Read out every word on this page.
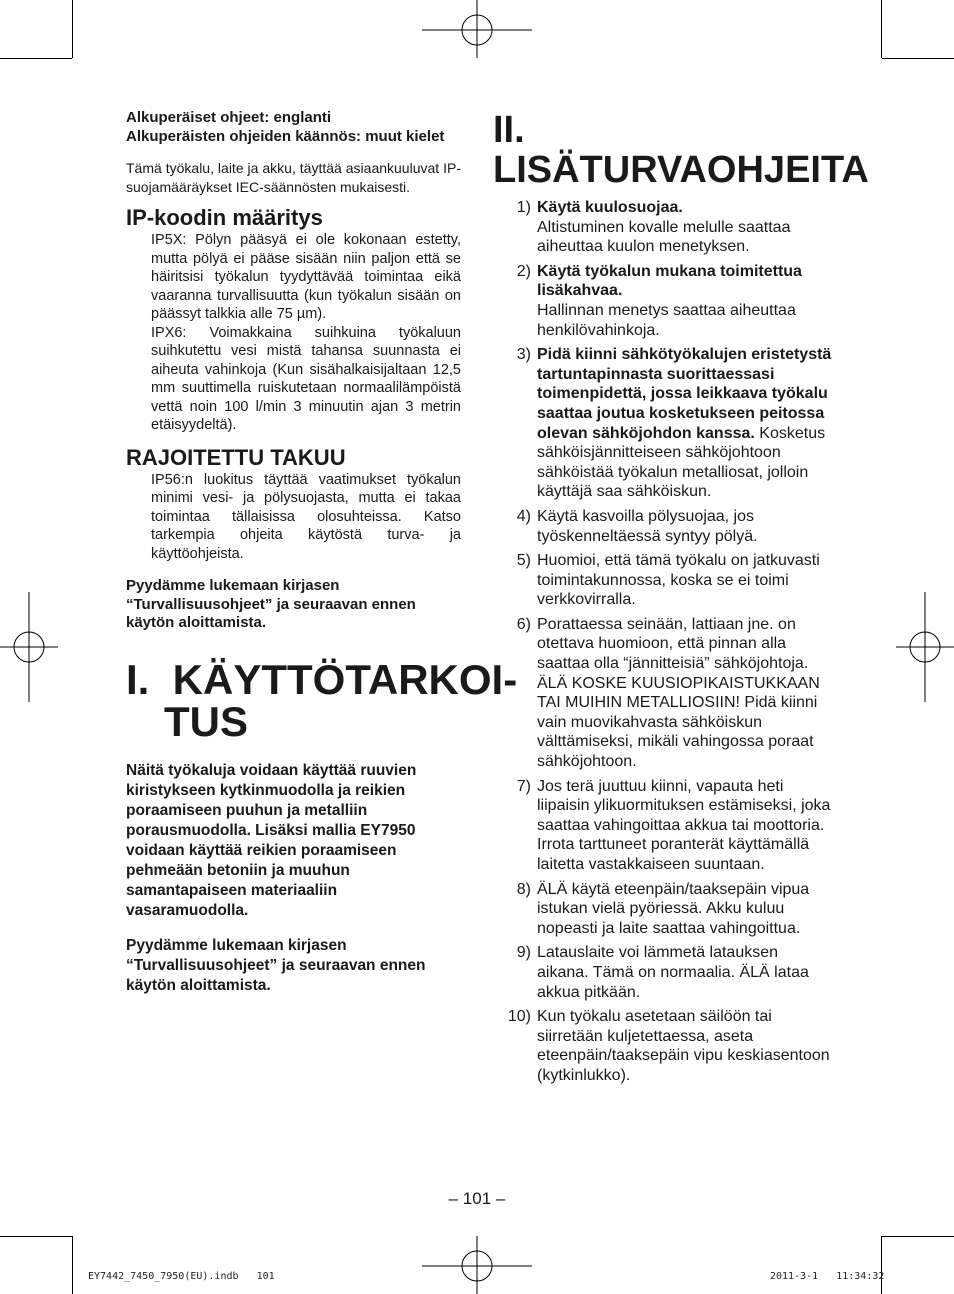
Alkuperäiset ohjeet: englanti

Alkuperäisten ohjeiden käännös: muut kielet

Tämä työkalu, laite ja akku, täyttää asiaankuuluvat IP-suojamääräykset IEC-säännösten mukaisesti.

IP-koodin määritys

IP5X: Pölyn pääsyä ei ole kokonaan estetty, mutta pölyä ei pääse sisään niin paljon että se häiritsisi työkalun tyydyttävää toimintaa eikä vaaranna turvallisuutta (kun työkalun sisään on päässyt talkkia alle 75 µm).

IPX6: Voimakkaina suihkuina työkaluun suihkutettu vesi mistä tahansa suunnasta ei aiheuta vahinkoja (Kun sisähalkaisijaltaan 12,5 mm suuttimella ruiskutetaan normaalilämpöistä vettä noin 100 l/min 3 minuutin ajan 3 metrin etäisyydeltä).

RAJOITETTU TAKUU

IP56:n luokitus täyttää vaatimukset työkalun minimi vesi- ja pölysuojasta, mutta ei takaa toimintaa tällaisissa olosuhteissa. Katso tarkempia ohjeita käytöstä turva- ja käyttöohjeista.

Pyydämme lukemaan kirjasen “Turvallisuusohjeet” ja seuraavan ennen käytön aloittamista.

I.  KÄYTTÖTARKOI-
TUS

Näitä työkaluja voidaan käyttää ruuvien kiristykseen kytkinmuodolla ja reikien poraamiseen puuhun ja metalliin porausmuodolla. Lisäksi mallia EY7950 voidaan käyttää reikien poraamiseen pehmeään betoniin ja muuhun samantapaiseen materiaaliin vasaramuodolla.

Pyydämme lukemaan kirjasen “Turvallisuusohjeet” ja seuraavan ennen käytön aloittamista.

II. LISÄTURVAOHJEITA
1) Käytä kuulosuojaa.
Altistuminen kovalle melulle saattaa aiheuttaa kuulon menetyksen.
2) Käytä työkalun mukana toimitettua lisäkahvaa.
Hallinnan menetys saattaa aiheuttaa henkilövahinkoja.
3) Pidä kiinni sähkötyökalujen eristetystä tartuntapinnasta suorittaessasi toimenpidettä, jossa leikkaava työkalu saattaa joutua kosketukseen peitossa olevan sähköjohdon kanssa. Kosketus sähköisjännitteiseen sähköjohtoon sähköistää työkalun metalliosat, jolloin käyttäjä saa sähköiskun.
4) Käytä kasvoilla pölysuojaa, jos työskenneltäessä syntyy pölyä.
5) Huomioi, että tämä työkalu on jatkuvasti toimintakunnossa, koska se ei toimi verkkovirralla.
6) Porattaessa seinään, lattiaan jne. on otettava huomioon, että pinnan alla saattaa olla “jännitteisiä” sähköjohtoja. ÄLÄ KOSKE KUUSIOPIKAISTUKKAAN TAI MUIHIN METALLIOSIIN! Pidä kiinni vain muovikahvasta sähköiskun välttämiseksi, mikäli vahingossa poraat sähköjohtoon.
7) Jos terä juuttuu kiinni, vapauta heti liipaisin ylikuormituksen estämiseksi, joka saattaa vahingoittaa akkua tai moottoria. Irrota tarttuneet poranterät käyttämällä laitetta vastakkaiseen suuntaan.
8) ÄLÄ käytä eteenpäin/taaksepäin vipua istukan vielä pyöriessä. Akku kuluu nopeasti ja laite saattaa vahingoittua.
9) Latauslaite voi lämmetä latauksen aikana. Tämä on normaalia. ÄLÄ lataa akkua pitkään.
10) Kun työkalu asetetaan säilöön tai siirretään kuljetettaessa, aseta eteenpäin/taaksepäin vipu keskiasentoon (kytkinlukko).
– 101 –
EY7442_7450_7950(EU).indb   101	2011-3-1   11:34:32
